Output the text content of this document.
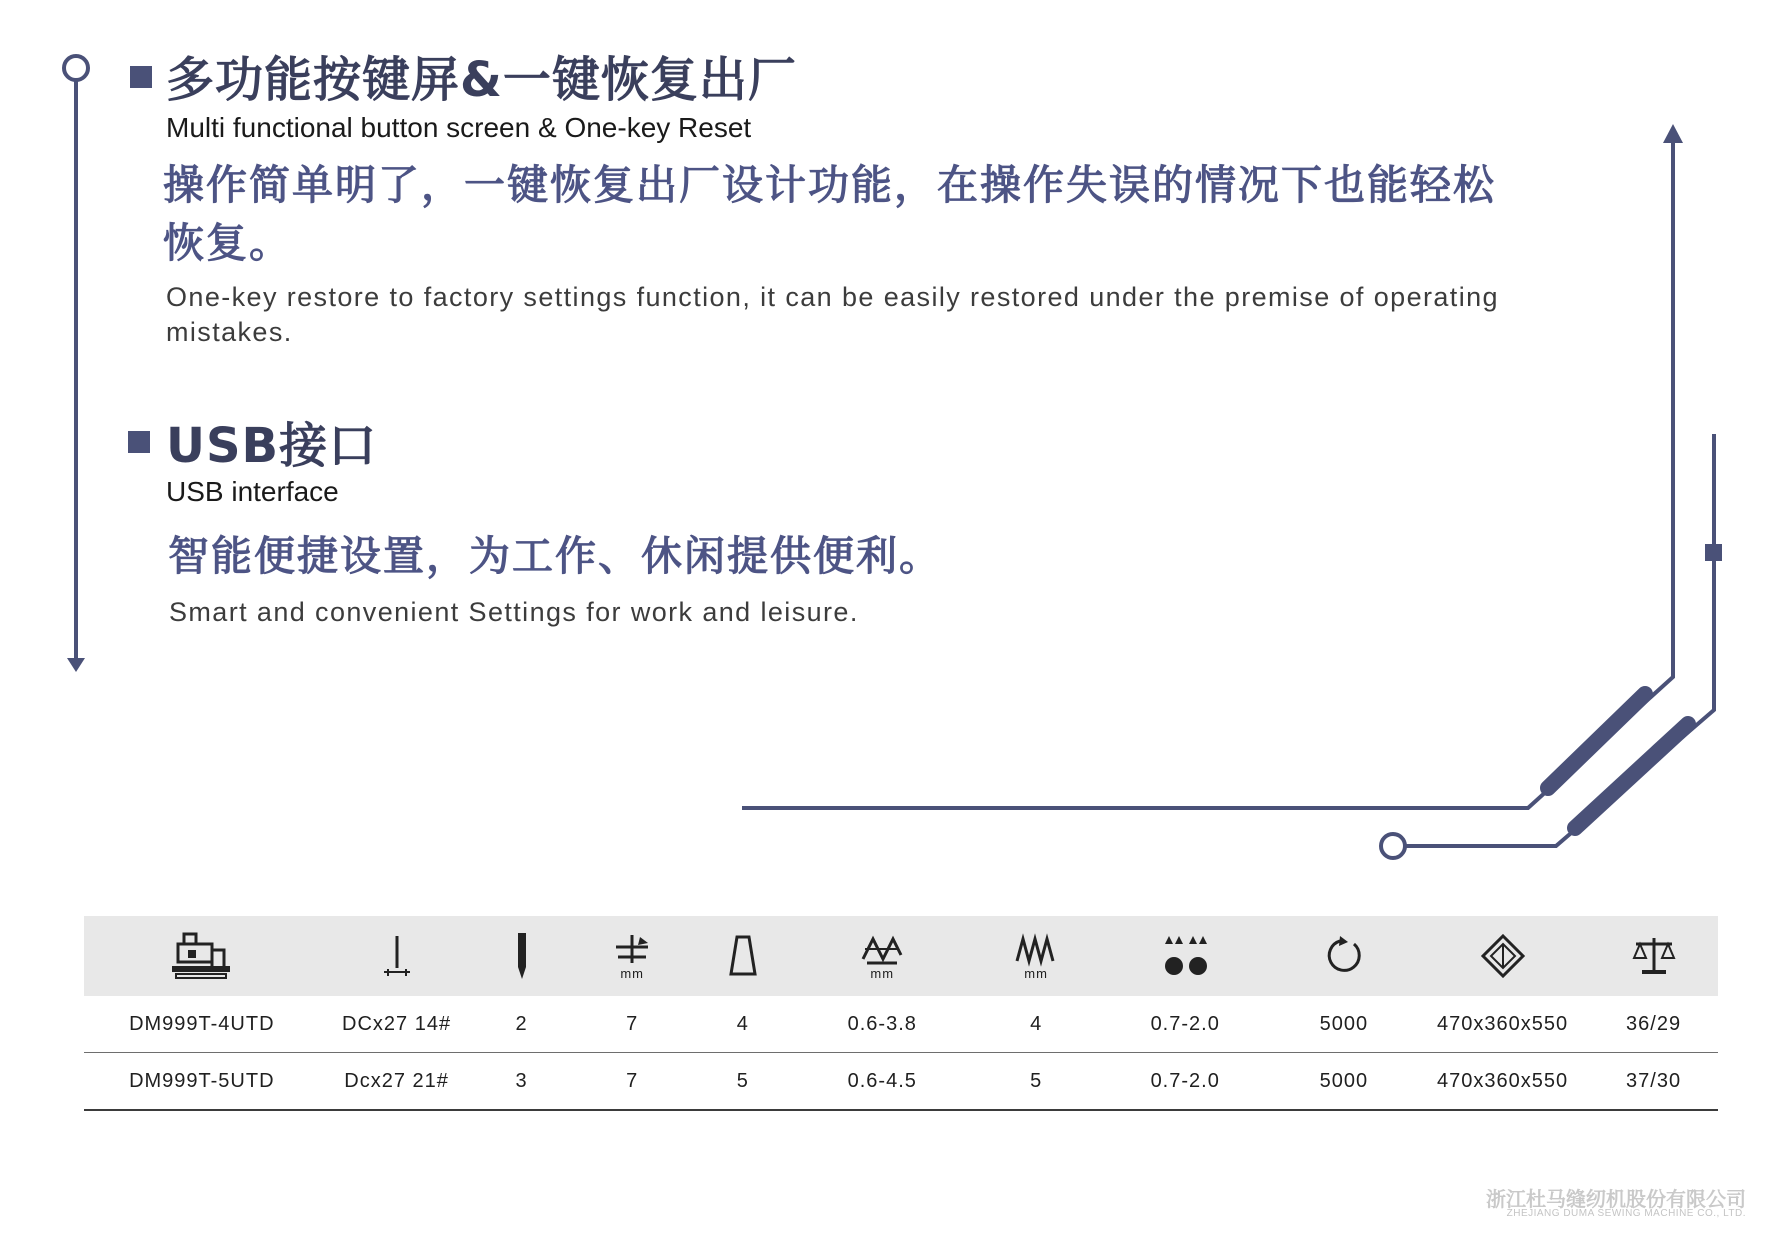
多功能按键屏&一键恢复出厂
Multi functional button screen & One-key Reset
操作简单明了，一键恢复出厂设计功能，在操作失误的情况下也能轻松恢复。
One-key restore to factory settings function, it can be easily restored under the premise of operating mistakes.
USB接口
USB interface
智能便捷设置，为工作、休闲提供便利。
Smart and convenient Settings for work and leisure.
mm	mm	mm
DM999T-4UTD	DCx27 14#	2	7	4	0.6-3.8	4	0.7-2.0	5000	470x360x550	36/29
DM999T-5UTD	Dcx27 21#	3	7	5	0.6-4.5	5	0.7-2.0	5000	470x360x550	37/30
浙江杜马缝纫机股份有限公司
ZHEJIANG DUMA SEWING MACHINE CO., LTD.
